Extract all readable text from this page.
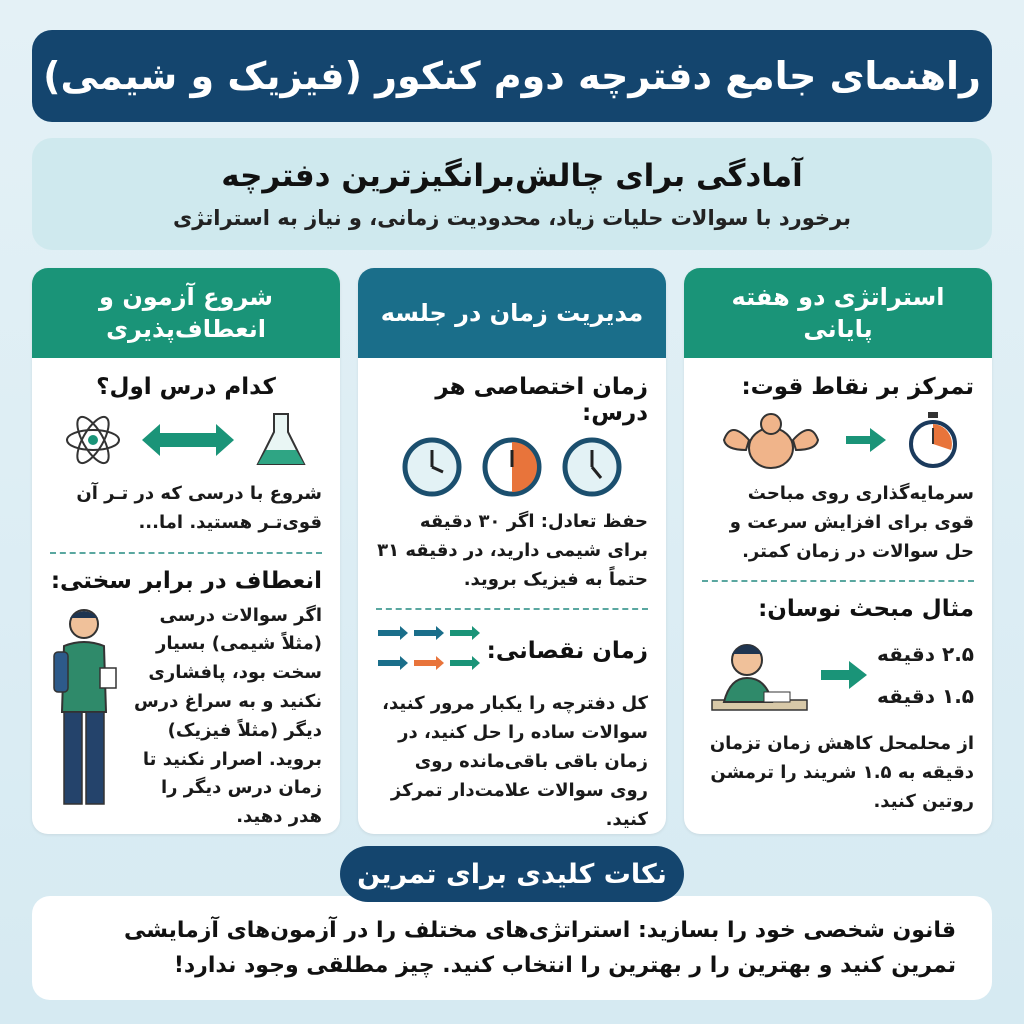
راهنمای جامع دفترچه دوم کنکور (فیزیک و شیمی)
آمادگی برای چالش‌برانگیزترین دفترچه

برخورد با سوالات حلیات زیاد، محدودیت زمانی، و نیاز به استراتژی

استراتژی دو هفته پایانی
تمرکز بر نقاط قوت:
سرمایه‌گذاری روی مباحث قوی برای افزایش سرعت و حل سوالات در زمان کمتر.
مثال مبحث نوسان:
۲.۵ دقیقه
۱.۵ دقیقه
از محلمحل کاهش زمان تزمان دقیقه به ۱.۵ شریند را ترمشن روتین کنید.
مدیریت زمان در جلسه
زمان اختصاصی هر درس:
حفظ تعادل: اگر ۳۰ دقیقه برای شیمی دارید، در دقیقه ۳۱ حتماً به فیزیک بروید.
زمان نقصانی:
کل دفترچه را یکبار مرور کنید، سوالات ساده را حل کنید، در زمان باقی باقی‌مانده روی روی سوالات علامت‌دار تمرکز کنید.
شروع آزمون و انعطاف‌پذیری
کدام درس اول؟
شروع با درسی که در تـر آن قوی‌تـر هستید. اما...
انعطاف در برابر سختی:
اگر سوالات درسی (مثلاً شیمی) بسیار سخت بود، پافشاری نکنید و به سراغ درس دیگر (مثلاً فیزیک) بروید. اصرار نکنید تا زمان درس دیگر را هدر دهید.

قانون شخصی خود را بسازید: استراتژی‌های مختلف را در آزمون‌های آزمایشی تمرین کنید و بهترین را ر بهترین را انتخاب کنید. چیز مطلقی وجود ندارد!

نکات کلیدی برای تمرین
